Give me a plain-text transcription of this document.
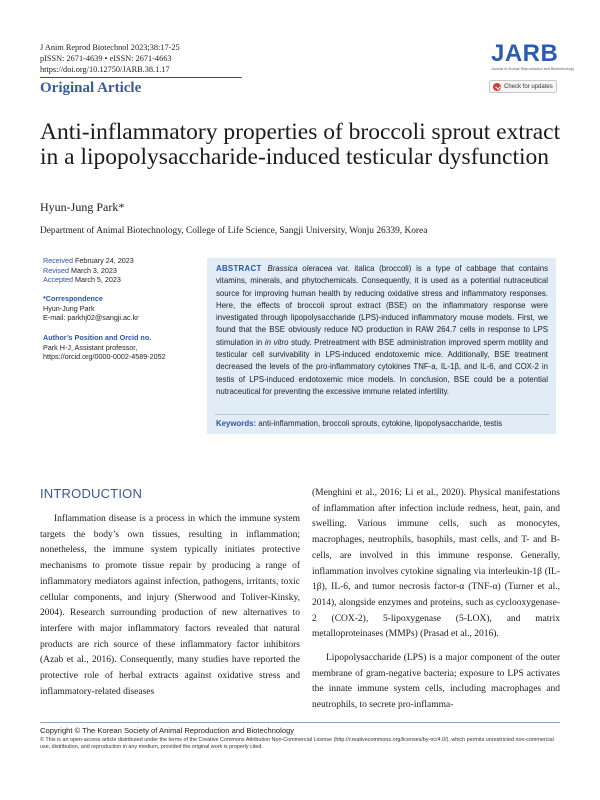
J Anim Reprod Biotechnol 2023;38:17-25
pISSN: 2671-4639 • eISSN: 2671-4663
https://doi.org/10.12750/JARB.38.1.17
Original Article
JARB
Journal of Animal Reproduction and Biotechnology
Check for updates
Anti-inflammatory properties of broccoli sprout extract in a lipopolysaccharide-induced testicular dysfunction
Hyun-Jung Park*
Department of Animal Biotechnology, College of Life Science, Sangji University, Wonju 26339, Korea
Received February 24, 2023
Revised March 3, 2023
Accepted March 5, 2023
*Correspondence
Hyun-Jung Park
E-mail: parkhj02@sangji.ac.kr
Author’s Position and Orcid no.
Park H-J, Assistant professor,
https://orcid.org/0000-0002-4589-2052
ABSTRACT Brassica oleracea var. italica (broccoli) is a type of cabbage that contains vitamins, minerals, and phytochemicals. Consequently, it is used as a potential nutraceutical source for improving human health by reducing oxidative stress and inflammatory responses. Here, the effects of broccoli sprout extract (BSE) on the inflammatory response were investigated through lipopolysaccharide (LPS)-induced inflammatory mouse models. First, we found that the BSE obviously reduce NO production in RAW 264.7 cells in response to LPS stimulation in in vitro study. Pretreatment with BSE administration improved sperm motility and testicular cell survivability in LPS-induced endotoxemic mice. Additionally, BSE treatment decreased the levels of the pro-inflammatory cytokines TNF-a, IL-1β, and IL-6, and COX-2 in testis of LPS-induced endotoxemic mice models. In conclusion, BSE could be a potential nutraceutical for preventing the excessive immune related infertility.
Keywords: anti-inflammation, broccoli sprouts, cytokine, lipopolysaccharide, testis
INTRODUCTION

Inflammation disease is a process in which the immune system targets the body’s own tissues, resulting in inflammation; nonetheless, the immune system typically initiates protective mechanisms to promote tissue repair by producing a range of inflammatory mediators against infection, pathogens, irritants, toxic cellular components, and injury (Sherwood and Toliver-Kinsky, 2004). Research surrounding production of new alternatives to interfere with major inflammatory factors revealed that natural products are rich source of these inflammatory factor inhibitors (Azab et al., 2016). Consequently, many studies have reported the protective role of herbal extracts against oxidative stress and inflammatory-related diseases

(Menghini et al., 2016; Li et al., 2020). Physical manifestations of inflammation after infection include redness, heat, pain, and swelling. Various immune cells, such as monocytes, macrophages, neutrophils, basophils, mast cells, and T- and B-cells, are involved in this immune response. Generally, inflammation involves cytokine signaling via interleukin-1β (IL-1β), IL-6, and tumor necrosis factor-α (TNF-α) (Turner et al., 2014), alongside enzymes and proteins, such as cyclooxygenase-2 (COX-2), 5-lipoxygenase (5-LOX), and matrix metalloproteinases (MMPs) (Prasad et al., 2016).

Lipopolysaccharide (LPS) is a major component of the outer membrane of gram-negative bacteria; exposure to LPS activates the innate immune system cells, including macrophages and neutrophils, to secrete pro-inflamma-

Copyright © The Korean Society of Animal Reproduction and Biotechnology
© This is an open-access article distributed under the terms of the Creative Commons Attribution Non-Commercial License (http://creativecommons.org/licenses/by-nc/4.0/), which permits unrestricted non-commercial use, distribution, and reproduction in any medium, provided the original work is properly cited.
